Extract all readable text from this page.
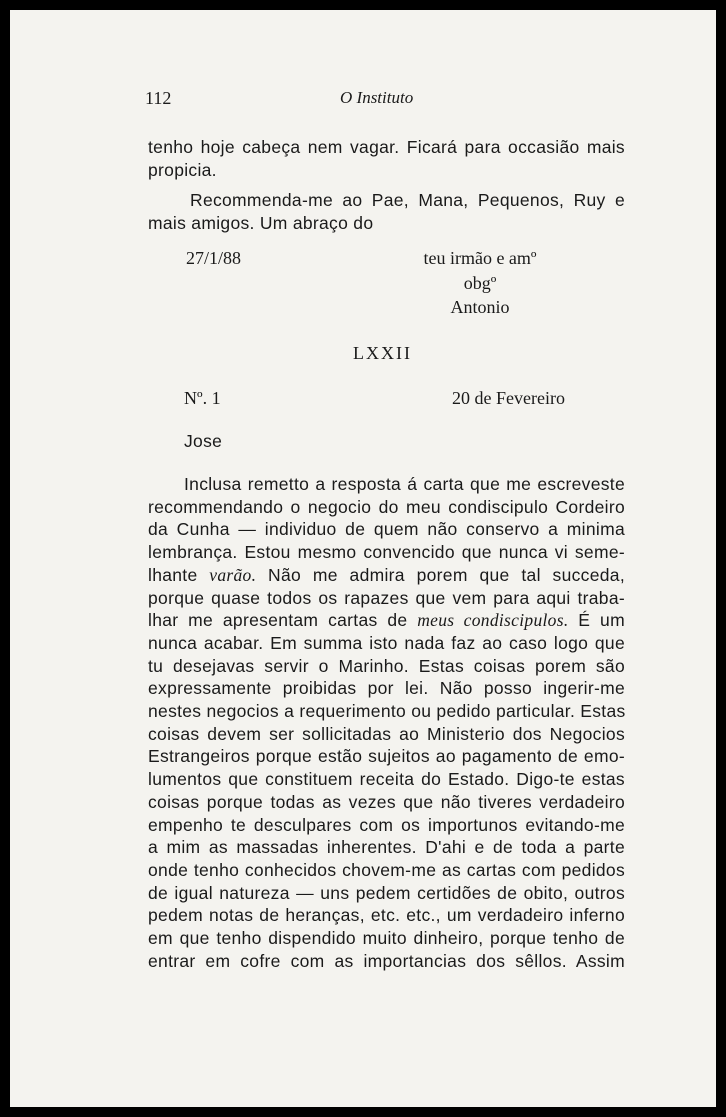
112	O Instituto
tenho hoje cabeça nem vagar. Ficará para occasião mais
propicia.
Recommenda-me ao Pae, Mana, Pequenos, Ruy e
mais amigos. Um abraço do
27/1/88	teu irmão e amº
obgº
Antonio
LXXII
Nº. 1	20 de Fevereiro
Jose
Inclusa remetto a resposta á carta que me escreveste
recommendando o negocio do meu condiscipulo Cordeiro
da Cunha — individuo de quem não conservo a minima
lembrança. Estou mesmo convencido que nunca vi seme-
lhante varão. Não me admira porem que tal succeda,
porque quase todos os rapazes que vem para aqui traba-
lhar me apresentam cartas de meus condiscipulos. É um
nunca acabar. Em summa isto nada faz ao caso logo que
tu desejavas servir o Marinho. Estas coisas porem são
expressamente proibidas por lei. Não posso ingerir-me
nestes negocios a requerimento ou pedido particular. Estas
coisas devem ser sollicitadas ao Ministerio dos Negocios
Estrangeiros porque estão sujeitos ao pagamento de emo-
lumentos que constituem receita do Estado. Digo-te estas
coisas porque todas as vezes que não tiveres verdadeiro
empenho te desculpares com os importunos evitando-me
a mim as massadas inherentes. D'ahi e de toda a parte
onde tenho conhecidos chovem-me as cartas com pedidos
de igual natureza — uns pedem certidões de obito, outros
pedem notas de heranças, etc. etc., um verdadeiro inferno
em que tenho dispendido muito dinheiro, porque tenho de
entrar em cofre com as importancias dos sêllos. Assim
